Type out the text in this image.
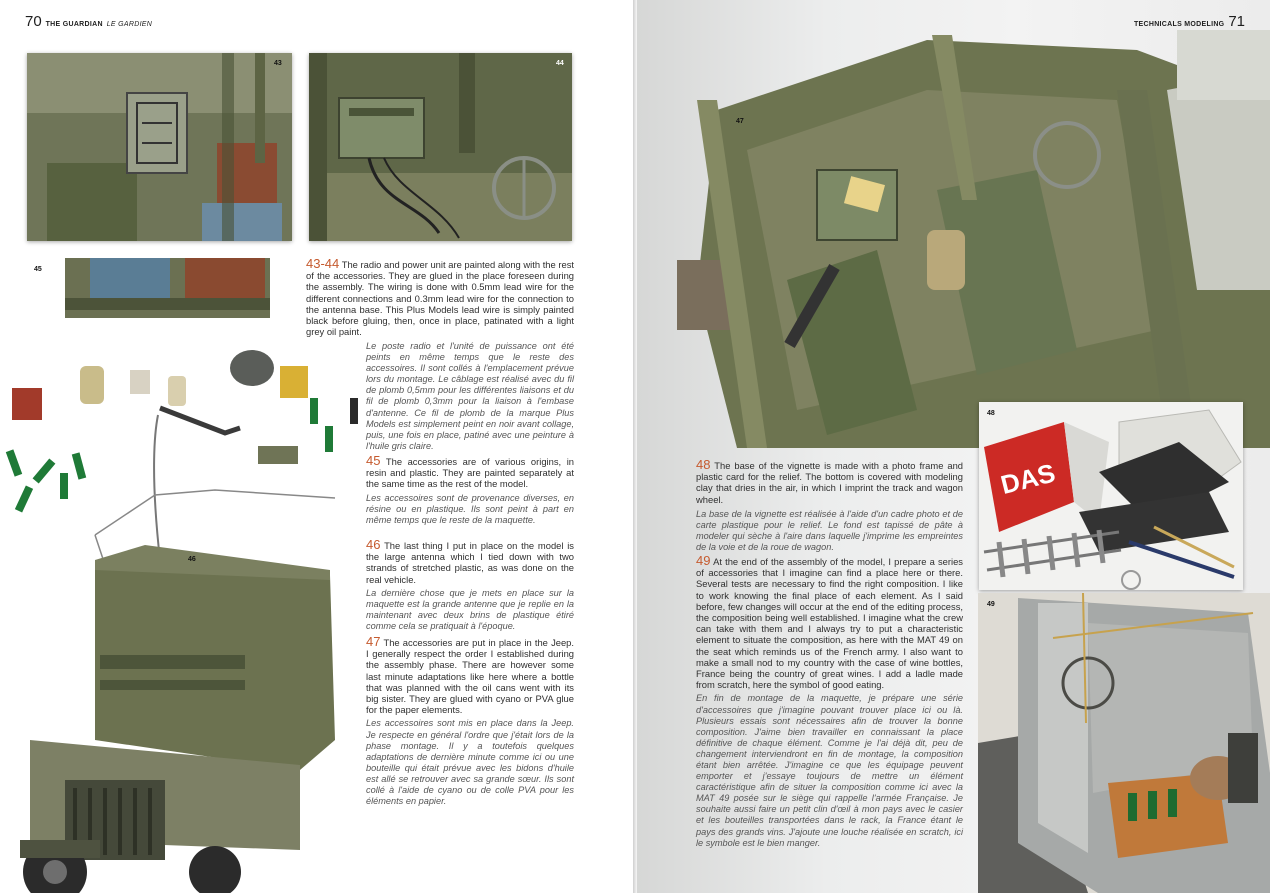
70 THE GUARDIAN LE GARDIEN	TECHNICALS MODELING 71
43	44
45
46
43-44 The radio and power unit are painted along with the rest of the accessories. They are glued in the place foreseen during the assembly. The wiring is done with 0.5mm lead wire for the different connections and 0.3mm lead wire for the connection to the antenna base. This Plus Models lead wire is simply painted black before gluing, then, once in place, patinated with a light grey oil paint.
Le poste radio et l'unité de puissance ont été peints en même temps que le reste des accessoires. Il sont collés à l'emplacement prévue lors du montage. Le câblage est réalisé avec du fil de plomb 0,5mm pour les différentes liaisons et du fil de plomb 0,3mm pour la liaison à l'embase d'antenne. Ce fil de plomb de la marque Plus Models est simplement peint en noir avant collage, puis, une fois en place, patiné avec une peinture à l'huile gris claire.
45 The accessories are of various origins, in resin and plastic. They are painted separately at the same time as the rest of the model.
Les accessoires sont de provenance diverses, en résine ou en plastique. Ils sont peint à part en même temps que le reste de la maquette.
46 The last thing I put in place on the model is the large antenna which I tied down with two strands of stretched plastic, as was done on the real vehicle.
La dernière chose que je mets en place sur la maquette est la grande antenne que je replie en la maintenant avec deux brins de plastique étiré comme cela se pratiquait à l'époque.
47 The accessories are put in place in the Jeep. I generally respect the order I established during the assembly phase. There are however some last minute adaptations like here where a bottle that was planned with the oil cans went with its big sister. They are glued with cyano or PVA glue for the paper elements.
Les accessoires sont mis en place dans la Jeep. Je respecte en général l'ordre que j'était lors de la phase montage. Il y a toutefois quelques adaptations de dernière minute comme ici ou une bouteille qui était prévue avec les bidons d'huile est allé se retrouver avec sa grande sœur. Ils sont collé à l'aide de cyano ou de colle PVA pour les éléments en papier.
47
DAS
48
49
48 The base of the vignette is made with a photo frame and plastic card for the relief. The bottom is covered with modeling clay that dries in the air, in which I imprint the track and wagon wheel.
La base de la vignette est réalisée à l'aide d'un cadre photo et de carte plastique pour le relief. Le fond est tapissé de pâte à modeler qui sèche à l'aire dans laquelle j'imprime les empreintes de la voie et de la roue de wagon.
49 At the end of the assembly of the model, I prepare a series of accessories that I imagine can find a place here or there. Several tests are necessary to find the right composition. I like to work knowing the final place of each element. As I said before, few changes will occur at the end of the editing process, the composition being well established. I imagine what the crew can take with them and I always try to put a characteristic element to situate the composition, as here with the MAT 49 on the seat which reminds us of the French army. I also want to make a small nod to my country with the case of wine bottles, France being the country of great wines. I add a ladle made from scratch, here the symbol of good eating.
En fin de montage de la maquette, je prépare une série d'accessoires que j'imagine pouvant trouver place ici ou là. Plusieurs essais sont nécessaires afin de trouver la bonne composition. J'aime bien travailler en connaissant la place définitive de chaque élément. Comme je l'ai déjà dit, peu de changement interviendront en fin de montage, la composition étant bien arrêtée. J'imagine ce que les équipage peuvent emporter et j'essaye toujours de mettre un élément caractéristique afin de situer la composition comme ici avec la MAT 49 posée sur le siège qui rappelle l'armée Française. Je souhaite aussi faire un petit clin d'œil à mon pays avec le casier et les bouteilles transportées dans le rack, la France étant le pays des grands vins. J'ajoute une louche réalisée en scratch, ici le symbole est le bien manger.
